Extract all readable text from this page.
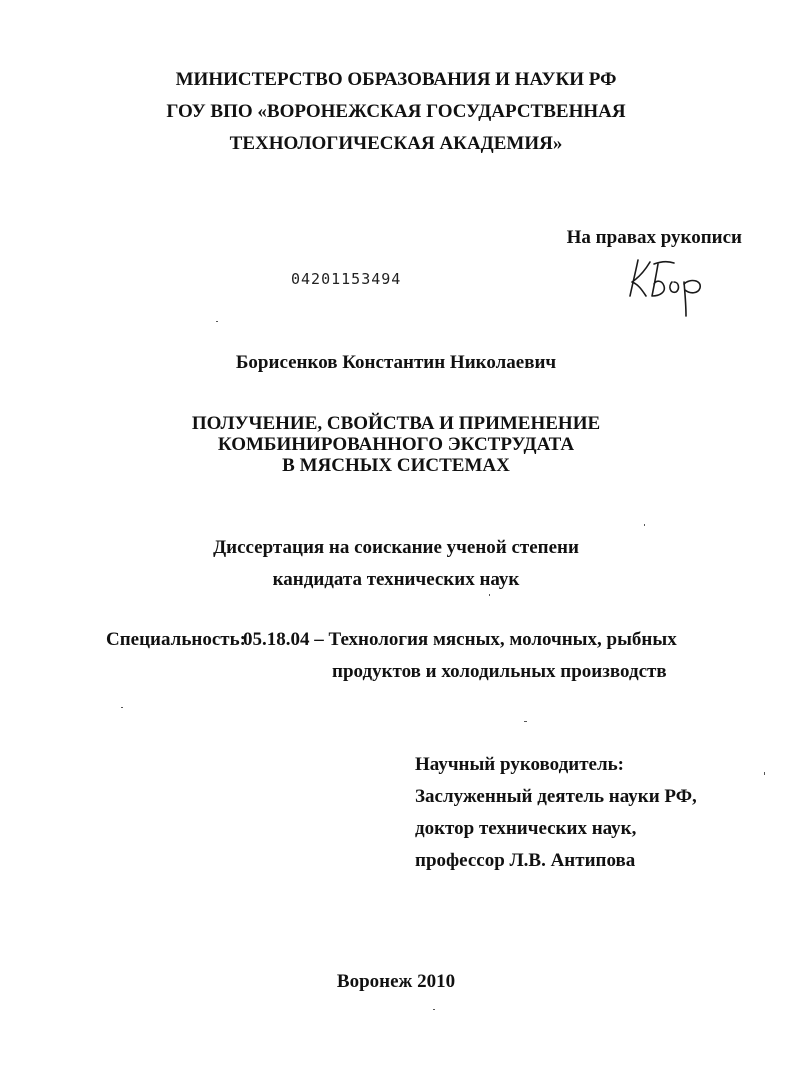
МИНИСТЕРСТВО ОБРАЗОВАНИЯ И НАУКИ РФ
ГОУ ВПО «ВОРОНЕЖСКАЯ ГОСУДАРСТВЕННАЯ
ТЕХНОЛОГИЧЕСКАЯ АКАДЕМИЯ»
На правах рукописи
04201153494
Борисенков Константин Николаевич
ПОЛУЧЕНИЕ, СВОЙСТВА И ПРИМЕНЕНИЕ
КОМБИНИРОВАННОГО ЭКСТРУДАТА
В МЯСНЫХ СИСТЕМАХ
Диссертация на соискание ученой степени
кандидата технических наук
Специальность:
05.18.04 – Технология мясных, молочных, рыбных
продуктов и холодильных производств
Научный руководитель:
Заслуженный деятель науки РФ,
доктор технических наук,
профессор Л.В. Антипова
Воронеж 2010
